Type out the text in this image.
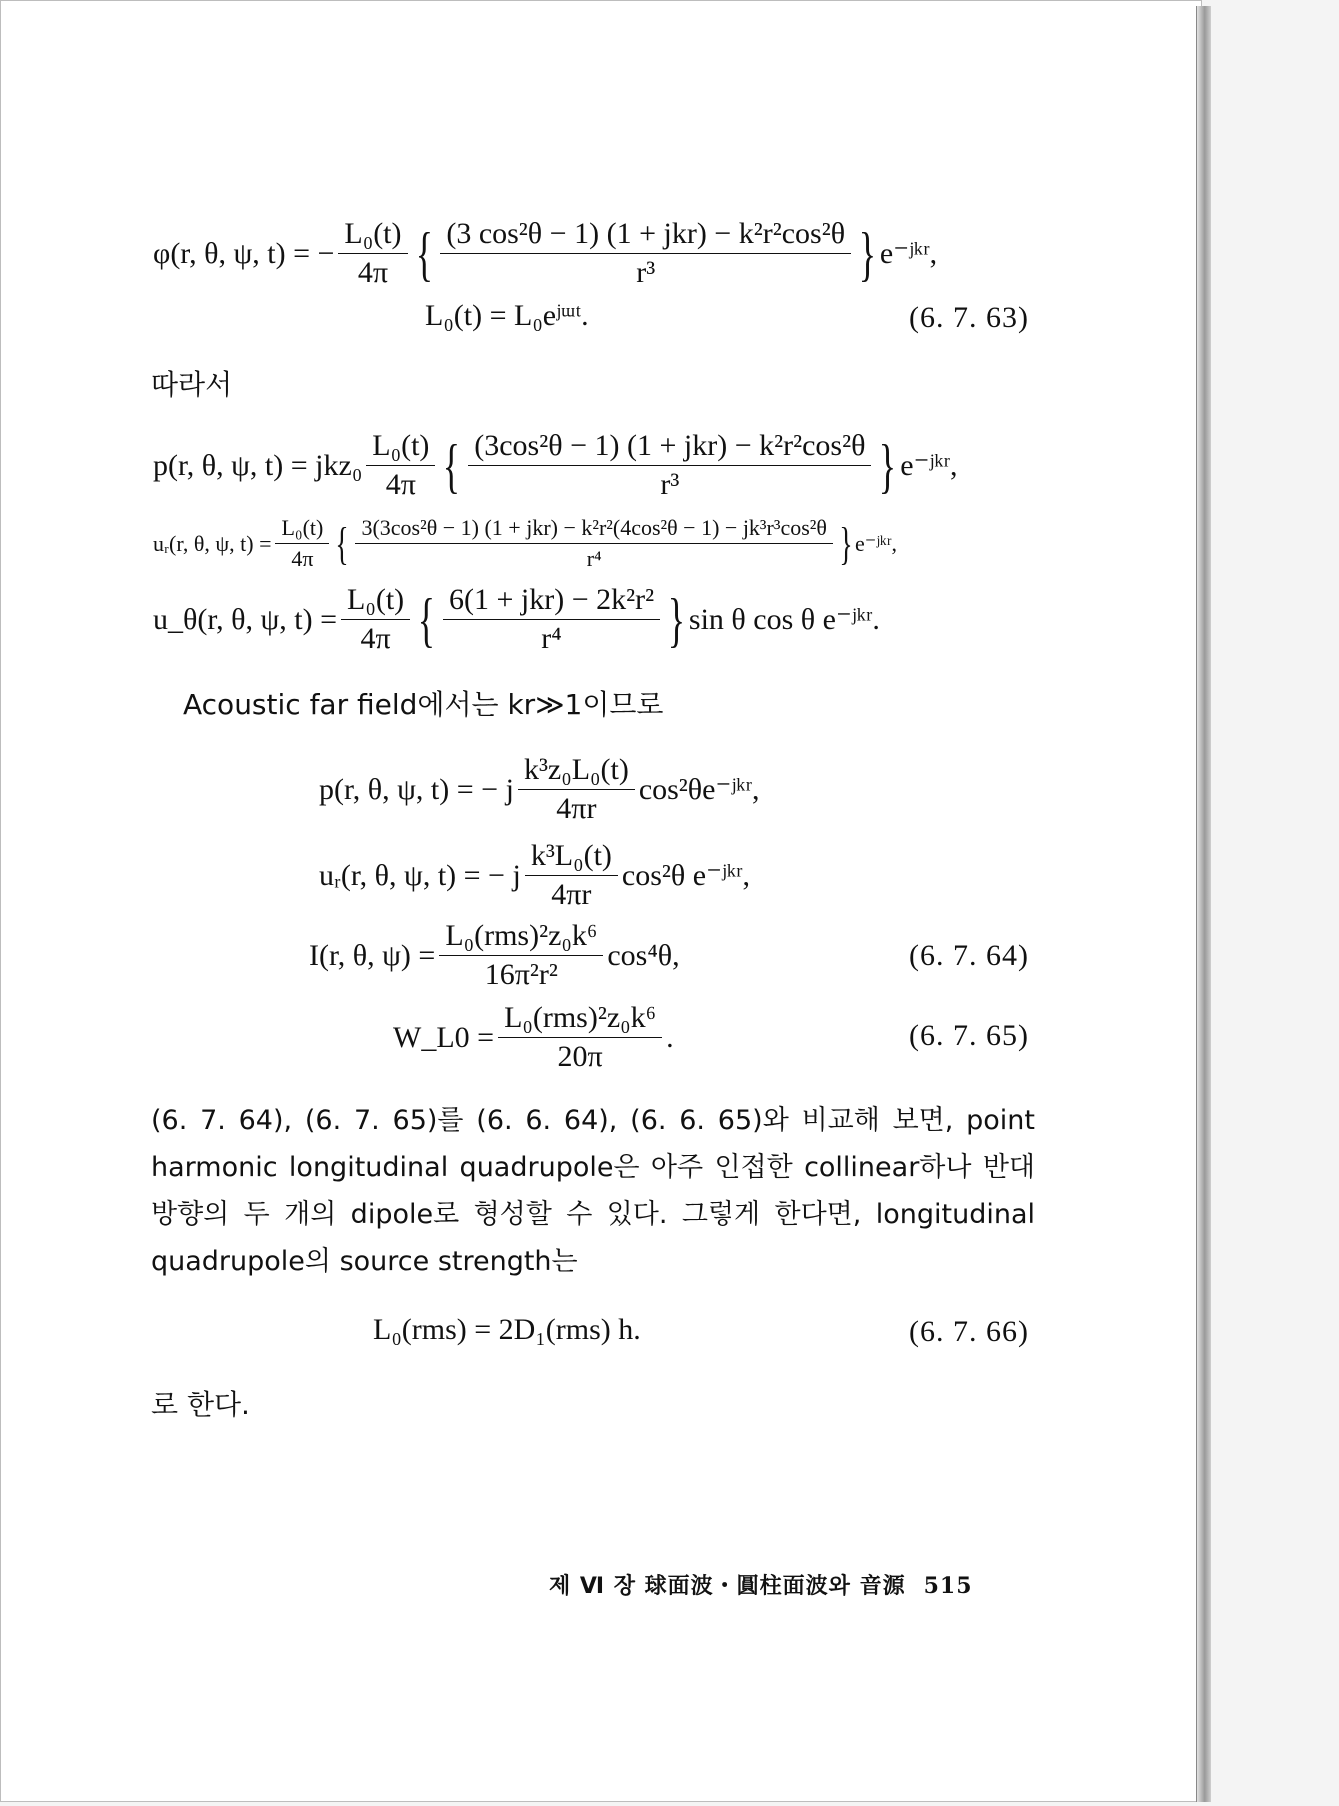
φ(r, θ, ψ, t) = − $\frac{\text{L₀(t)}}{4\pi}$ { $\frac{\text{(3 cos²θ − 1) (1 + jkr) − k²r²cos²θ}}{\text{r³}}$ } e⁻ʲᵏʳ,
L₀(t) = L₀eʲᵚᵗ.	(6. 7. 63)
따라서
p(r, θ, ψ, $t) = jkz_0 \frac{\text{L₀(t)}}{4\pi}$ { $\frac{\text{(3cos²θ − 1) (1 + jkr) − k²r²cos²θ}}{\text{r³}}$ } e⁻ʲᵏʳ,
uᵣ(r, θ, ψ, $t) = \frac{\text{L₀(t)}}{4\pi}$ { $\frac{\text{3(3cos²θ − 1) (1 + jkr) − k²r²(4cos²θ − 1) − jk³r³cos²θ}}{\text{r⁴}}$ } e⁻ʲᵏʳ,
u_θ(r, θ, ψ, $t) = \frac{\text{L₀(t)}}{4\pi}$ { $\frac{\text{6(1 + jkr) − 2k²r²}}{\text{r⁴}}$ } sin θ cos θ e⁻ʲᵏʳ.
Acoustic far field에서는 kr≫1이므로
p(r, θ, ψ, t) = − j $\frac{\text{k³z₀L₀(t)}}{4\pi r}$ cos²θe⁻ʲᵏʳ,
uᵣ(r, θ, ψ, t) = − j $\frac{\text{k³L₀(t)}}{4\pi r} \cos^2\theta$ e⁻ʲᵏʳ,
I(r, θ, $\psi) = \frac{\text{L₀(rms)²z₀k⁶}}{\text{16π²r²}} \cos^4\theta$,	(6. 7. 64)
W_L0 = $\frac{\text{L₀(rms)²z₀k⁶}}{20\pi}$ .	(6. 7. 65)
(6. 7. 64), (6. 7. 65)를 (6. 6. 64), (6. 6. 65)와 비교해 보면, point harmonic longitudinal quadrupole은 아주 인접한 collinear하나 반대 방향의 두 개의 dipole로 형성할 수 있다. 그렇게 한다면, longitudinal quadrupole의 source strength는
L₀(rms) = 2D₁(rms) h.	(6. 7. 66)
로 한다.
제 Ⅵ 장 球面波・圓柱面波와 音源 515
